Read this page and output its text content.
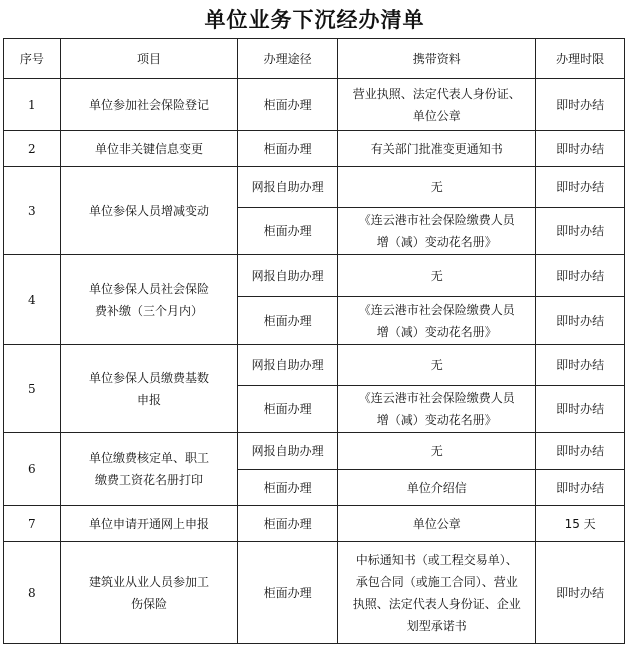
单位业务下沉经办清单
序号	项目	办理途径	携带资料	办理时限
1	单位参加社会保险登记	柜面办理	营业执照、法定代表人身份证、
单位公章	即时办结
2	单位非关键信息变更	柜面办理	有关部门批准变更通知书	即时办结
3	单位参保人员增减变动	网报自助办理	无	即时办结
		柜面办理	《连云港市社会保险缴费人员
增（减）变动花名册》	即时办结
4	单位参保人员社会保险
费补缴（三个月内）	网报自助办理	无	即时办结
		柜面办理	《连云港市社会保险缴费人员
增（减）变动花名册》	即时办结
5	单位参保人员缴费基数
申报	网报自助办理	无	即时办结
		柜面办理	《连云港市社会保险缴费人员
增（减）变动花名册》	即时办结
6	单位缴费核定单、职工
缴费工资花名册打印	网报自助办理	无	即时办结
		柜面办理	单位介绍信	即时办结
7	单位申请开通网上申报	柜面办理	单位公章	15 天
8	建筑业从业人员参加工
伤保险	柜面办理	中标通知书（或工程交易单）、
承包合同（或施工合同）、营业
执照、法定代表人身份证、企业
划型承诺书	即时办结
